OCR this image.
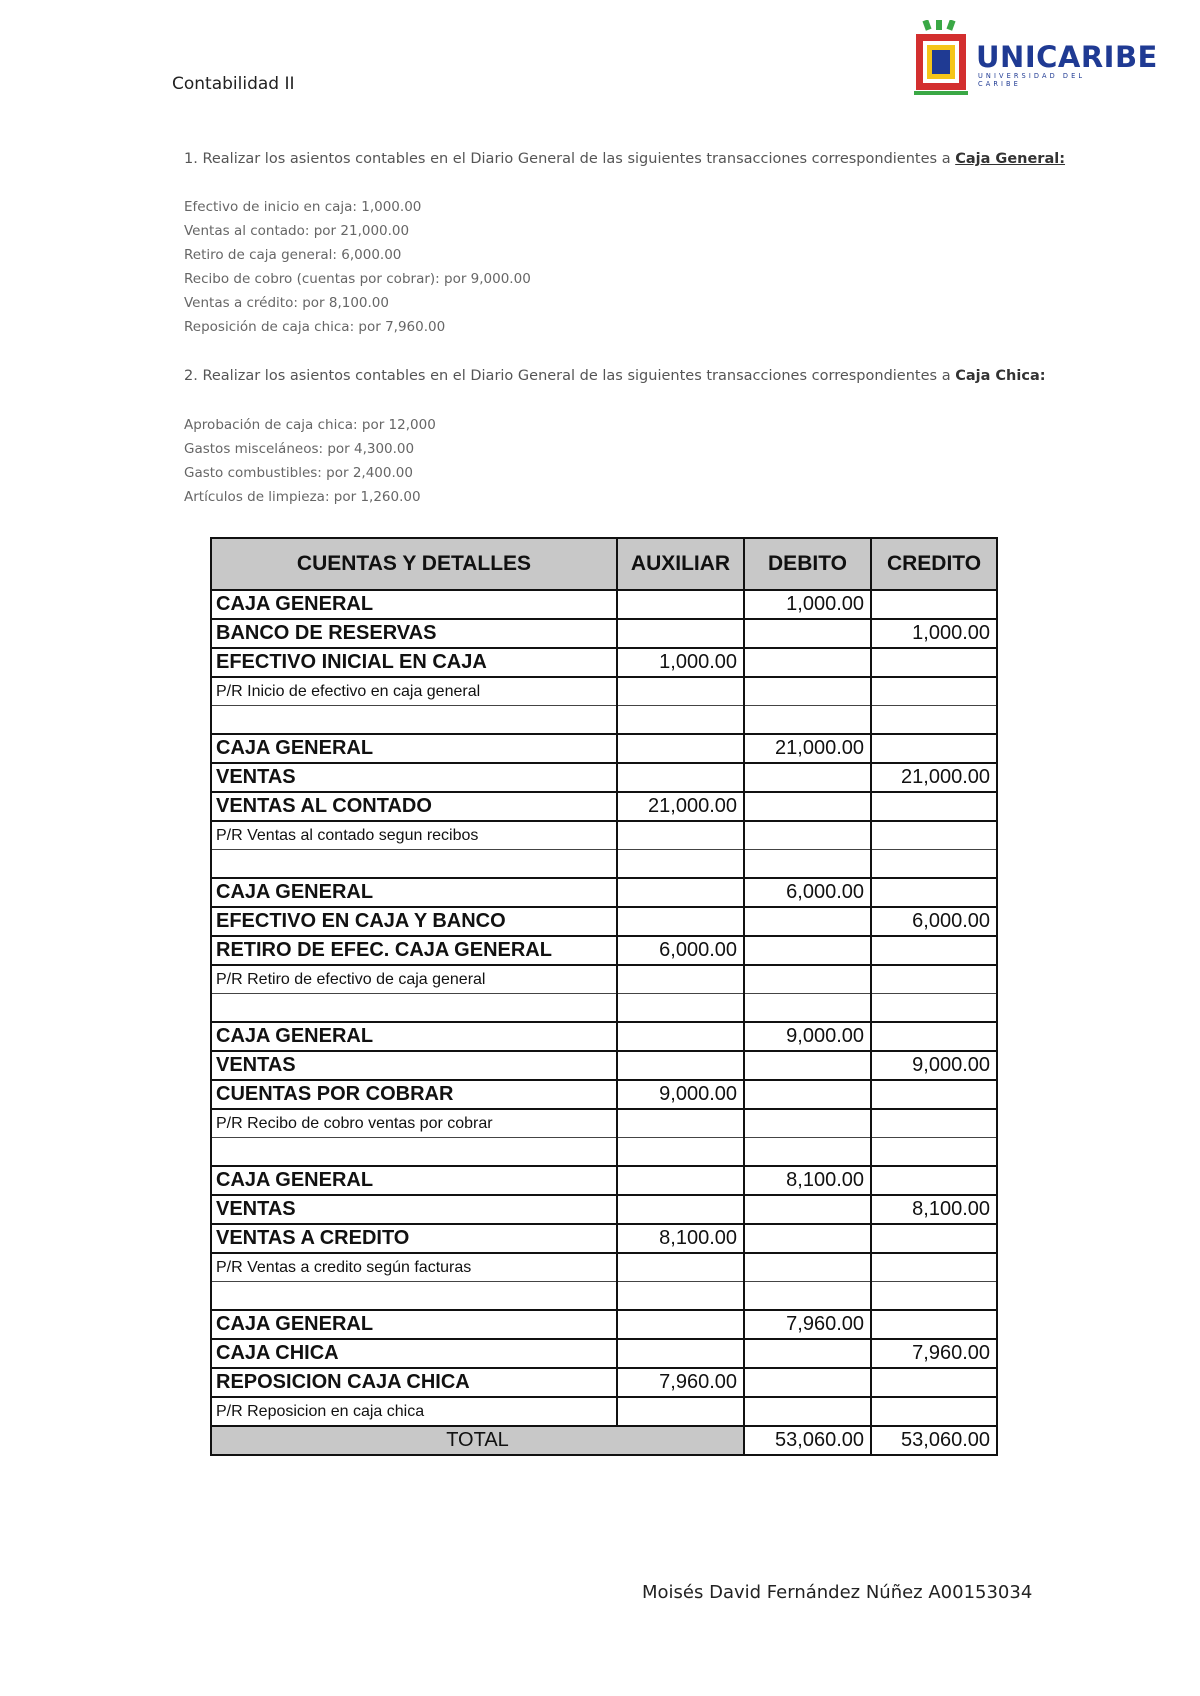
Contabilidad II
UNICARIBE
UNIVERSIDAD DEL CARIBE
1. Realizar los asientos contables en el Diario General de las siguientes transacciones correspondientes a Caja General:
Efectivo de inicio en caja: 1,000.00
Ventas al contado: por 21,000.00
Retiro de caja general: 6,000.00
Recibo de cobro (cuentas por cobrar): por 9,000.00
Ventas a crédito: por 8,100.00
Reposición de caja chica: por 7,960.00
2. Realizar los asientos contables en el Diario General de las siguientes transacciones correspondientes a Caja Chica:
Aprobación de caja chica: por 12,000
Gastos misceláneos: por 4,300.00
Gasto combustibles: por 2,400.00
Artículos de limpieza: por 1,260.00
CUENTAS Y DETALLES	AUXILIAR	DEBITO	CREDITO
CAJA GENERAL		1,000.00	
BANCO DE RESERVAS			1,000.00
EFECTIVO INICIAL EN CAJA	1,000.00		
P/R Inicio de efectivo en caja general			

CAJA GENERAL		21,000.00	
VENTAS			21,000.00
VENTAS AL CONTADO	21,000.00		
P/R Ventas al contado segun recibos			

CAJA GENERAL		6,000.00	
EFECTIVO EN CAJA Y BANCO			6,000.00
RETIRO DE EFEC. CAJA GENERAL	6,000.00		
P/R Retiro de efectivo de caja general			

CAJA GENERAL		9,000.00	
VENTAS			9,000.00
CUENTAS POR COBRAR	9,000.00		
P/R Recibo de cobro ventas por cobrar			

CAJA GENERAL		8,100.00	
VENTAS			8,100.00
VENTAS A CREDITO	8,100.00		
P/R Ventas a credito según facturas			

CAJA GENERAL		7,960.00	
CAJA CHICA			7,960.00
REPOSICION CAJA CHICA	7,960.00		
P/R Reposicion en caja chica			
TOTAL		53,060.00	53,060.00
Moisés David Fernández Núñez A00153034
